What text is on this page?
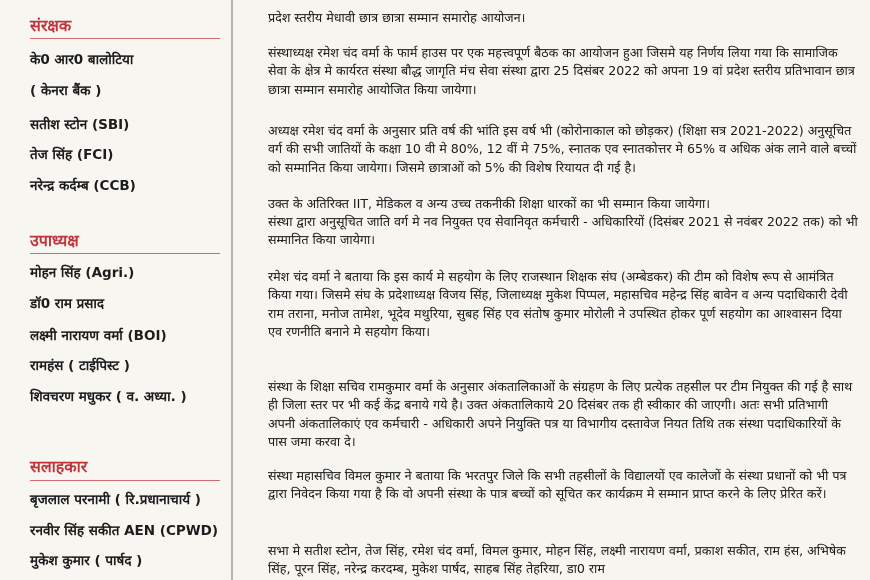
संरक्षक

के0 आर0 बालोटिया

( केनरा बैंक )

सतीश स्टोन (SBI)

तेज सिंह (FCI)

नरेन्द्र कर्दम्ब (CCB)

उपाध्यक्ष

मोहन सिंह (Agri.)

डॉ0 राम प्रसाद

लक्ष्मी नारायण वर्मा (BOI)

रामहंस ( टाईपिस्ट )

शिवचरण मधुकर ( व. अध्या. )

सलाहकार

बृजलाल परनामी ( रि.प्रधानाचार्य )

रनवीर सिंह सकीत AEN (CPWD)

मुकेश कुमार ( पार्षद )

प्रदेश स्तरीय मेधावी छात्र छात्रा सम्मान समारोह आयोजन।

संस्थाध्यक्ष रमेश चंद वर्मा के फार्म हाउस पर एक महत्त्वपूर्ण बैठक का आयोजन हुआ जिसमे यह निर्णय लिया गया कि सामाजिक सेवा के क्षेत्र मे कार्यरत संस्था बौद्ध जागृति मंच सेवा संस्था द्वारा 25 दिसंबर 2022 को अपना 19 वां प्रदेश स्तरीय प्रतिभावान छात्र छात्रा सम्मान समारोह आयोजित किया जायेगा।

अध्यक्ष रमेश चंद वर्मा के अनुसार प्रति वर्ष की भांति इस वर्ष भी (कोरोनाकाल को छोड़कर) (शिक्षा सत्र 2021-2022) अनुसूचित वर्ग की सभी जातियों के कक्षा 10 वी मे 80%, 12 वीं मे 75%, स्नातक एव स्नातकोत्तर मे 65% व अधिक अंक लाने वाले बच्चों को सम्मानित किया जायेगा। जिसमे छात्राओं को 5% की विशेष रियायत दी गई है।

उक्त के अतिरिक्त IIT, मेडिकल व अन्य उच्च तकनीकी शिक्षा धारकों का भी सम्मान किया जायेगा।

संस्था द्वारा अनुसूचित जाति वर्ग मे नव नियुक्त एव सेवानिवृत कर्मचारी - अधिकारियों (दिसंबर 2021 से नवंबर 2022 तक) को भी सम्मानित किया जायेगा।

रमेश चंद वर्मा ने बताया कि इस कार्य मे सहयोग के लिए राजस्थान शिक्षक संघ (अम्बेडकर) की टीम को विशेष रूप से आमंत्रित किया गया। जिसमे संघ के प्रदेशाध्यक्ष विजय सिंह, जिलाध्यक्ष मुकेश पिप्पल, महासचिव महेन्द्र सिंह बावेन व अन्य पदाधिकारी देवी राम तराना, मनोज तामेश, भूदेव मथुरिया, सुबह सिंह एव संतोष कुमार मोरोली ने उपस्थित होकर पूर्ण सहयोग का आश्वासन दिया एव रणनीति बनाने मे सहयोग किया।

संस्था के शिक्षा सचिव रामकुमार वर्मा के अनुसार अंकतालिकाओं के संग्रहण के लिए प्रत्येक तहसील पर टीम नियुक्त की गई है साथ ही जिला स्तर पर भी कई केंद्र बनाये गये है। उक्त अंकतालिकाये 20 दिसंबर तक ही स्वीकार की जाएगी। अतः सभी प्रतिभागी अपनी अंकतालिकाएं एव कर्मचारी - अधिकारी अपने नियुक्ति पत्र या विभागीय दस्तावेज नियत तिथि तक संस्था पदाधिकारियों के पास जमा करवा दे।

संस्था महासचिव विमल कुमार ने बताया कि भरतपुर जिले कि सभी तहसीलों के विद्यालयों एव कालेजों के संस्था प्रधानों को भी पत्र द्वारा निवेदन किया गया है कि वो अपनी संस्था के पात्र बच्चों को सूचित कर कार्यक्रम मे सम्मान प्राप्त करने के लिए प्रेरित करें।

सभा मे सतीश स्टोन, तेज सिंह, रमेश चंद वर्मा, विमल कुमार, मोहन सिंह, लक्ष्मी नारायण वर्मा, प्रकाश सकीत, राम हंस, अभिषेक सिंह, पूरन सिंह, नरेन्द्र करदम्ब, मुकेश पार्षद, साहब सिंह तेहरिया, डा0 राम
